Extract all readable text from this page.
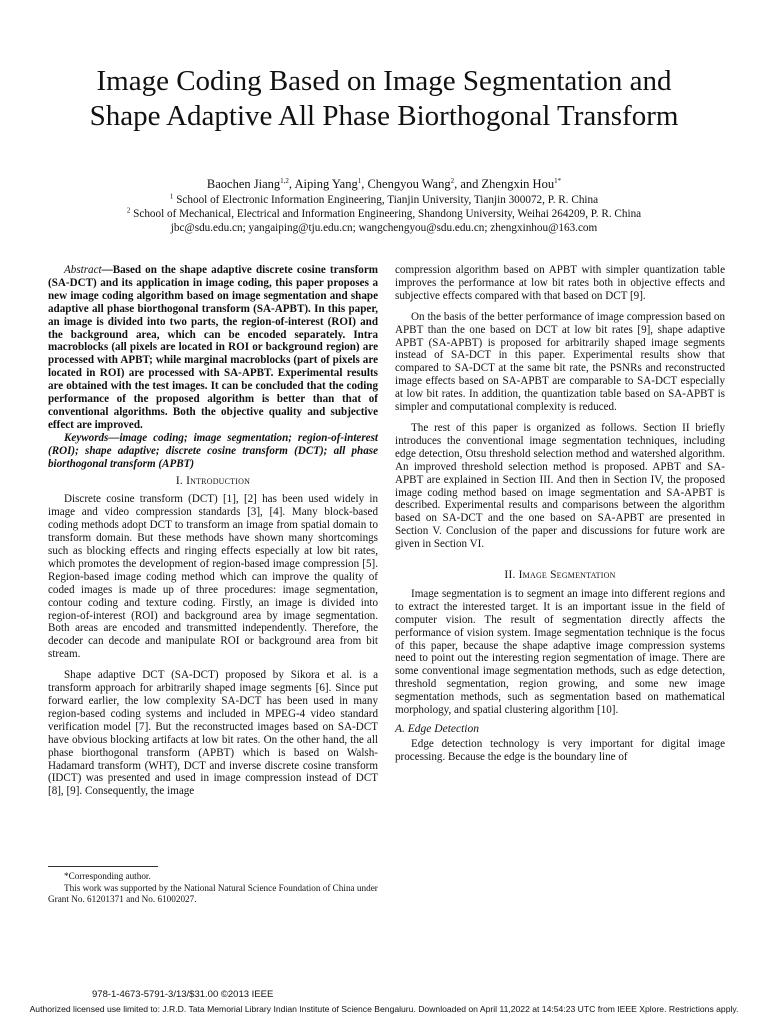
Image Coding Based on Image Segmentation and
Shape Adaptive All Phase Biorthogonal Transform
Baochen Jiang$^{1,2}$, Aiping Yang$^1$, Chengyou Wang$^2$, and Zhengxin Hou$^{1*}$
$^1$ School of Electronic Information Engineering, Tianjin University, Tianjin 300072, P. R. China
$^2$ School of Mechanical, Electrical and Information Engineering, Shandong University, Weihai 264209, P. R. China
jbc@sdu.edu.cn; yangaiping@tju.edu.cn; wangchengyou@sdu.edu.cn; zhengxinhou@163.com

Abstract—Based on the shape adaptive discrete cosine transform (SA-DCT) and its application in image coding, this paper proposes a new image coding algorithm based on image segmentation and shape adaptive all phase biorthogonal transform (SA-APBT). In this paper, an image is divided into two parts, the region-of-interest (ROI) and the background area, which can be encoded separately. Intra macroblocks (all pixels are located in ROI or background region) are processed with APBT; while marginal macroblocks (part of pixels are located in ROI) are processed with SA-APBT. Experimental results are obtained with the test images. It can be concluded that the coding performance of the proposed algorithm is better than that of conventional algorithms. Both the objective quality and subjective effect are improved.

Keywords—image coding; image segmentation; region-of-interest (ROI); shape adaptive; discrete cosine transform (DCT); all phase biorthogonal transform (APBT)

I. Introduction

Discrete cosine transform (DCT) [1], [2] has been used widely in image and video compression standards [3], [4]. Many block-based coding methods adopt DCT to transform an image from spatial domain to transform domain. But these methods have shown many shortcomings such as blocking effects and ringing effects especially at low bit rates, which promotes the development of region-based image compression [5]. Region-based image coding method which can improve the quality of coded images is made up of three procedures: image segmentation, contour coding and texture coding. Firstly, an image is divided into region-of-interest (ROI) and background area by image segmentation. Both areas are encoded and transmitted independently. Therefore, the decoder can decode and manipulate ROI or background area from bit stream.

Shape adaptive DCT (SA-DCT) proposed by Sikora et al. is a transform approach for arbitrarily shaped image segments [6]. Since put forward earlier, the low complexity SA-DCT has been used in many region-based coding systems and included in MPEG-4 video standard verification model [7]. But the reconstructed images based on SA-DCT have obvious blocking artifacts at low bit rates. On the other hand, the all phase biorthogonal transform (APBT) which is based on Walsh-Hadamard transform (WHT), DCT and inverse discrete cosine transform (IDCT) was presented and used in image compression instead of DCT [8], [9]. Consequently, the image

compression algorithm based on APBT with simpler quantization table improves the performance at low bit rates both in objective effects and subjective effects compared with that based on DCT [9].

On the basis of the better performance of image compression based on APBT than the one based on DCT at low bit rates [9], shape adaptive APBT (SA-APBT) is proposed for arbitrarily shaped image segments instead of SA-DCT in this paper. Experimental results show that compared to SA-DCT at the same bit rate, the PSNRs and reconstructed image effects based on SA-APBT are comparable to SA-DCT especially at low bit rates. In addition, the quantization table based on SA-APBT is simpler and computational complexity is reduced.

The rest of this paper is organized as follows. Section II briefly introduces the conventional image segmentation techniques, including edge detection, Otsu threshold selection method and watershed algorithm. An improved threshold selection method is proposed. APBT and SA-APBT are explained in Section III. And then in Section IV, the proposed image coding method based on image segmentation and SA-APBT is described. Experimental results and comparisons between the algorithm based on SA-DCT and the one based on SA-APBT are presented in Section V. Conclusion of the paper and discussions for future work are given in Section VI.

II. Image Segmentation

Image segmentation is to segment an image into different regions and to extract the interested target. It is an important issue in the field of computer vision. The result of segmentation directly affects the performance of vision system. Image segmentation technique is the focus of this paper, because the shape adaptive image compression systems need to point out the interesting region segmentation of image. There are some conventional image segmentation methods, such as edge detection, threshold segmentation, region growing, and some new image segmentation methods, such as segmentation based on mathematical morphology, and spatial clustering algorithm [10].

A. Edge Detection

Edge detection technology is very important for digital image processing. Because the edge is the boundary line of

*Corresponding author.

This work was supported by the National Natural Science Foundation of China under Grant No. 61201371 and No. 61002027.

978-1-4673-5791-3/13/$31.00 ©2013 IEEE
Authorized licensed use limited to: J.R.D. Tata Memorial Library Indian Institute of Science Bengaluru. Downloaded on April 11,2022 at 14:54:23 UTC from IEEE Xplore. Restrictions apply.
